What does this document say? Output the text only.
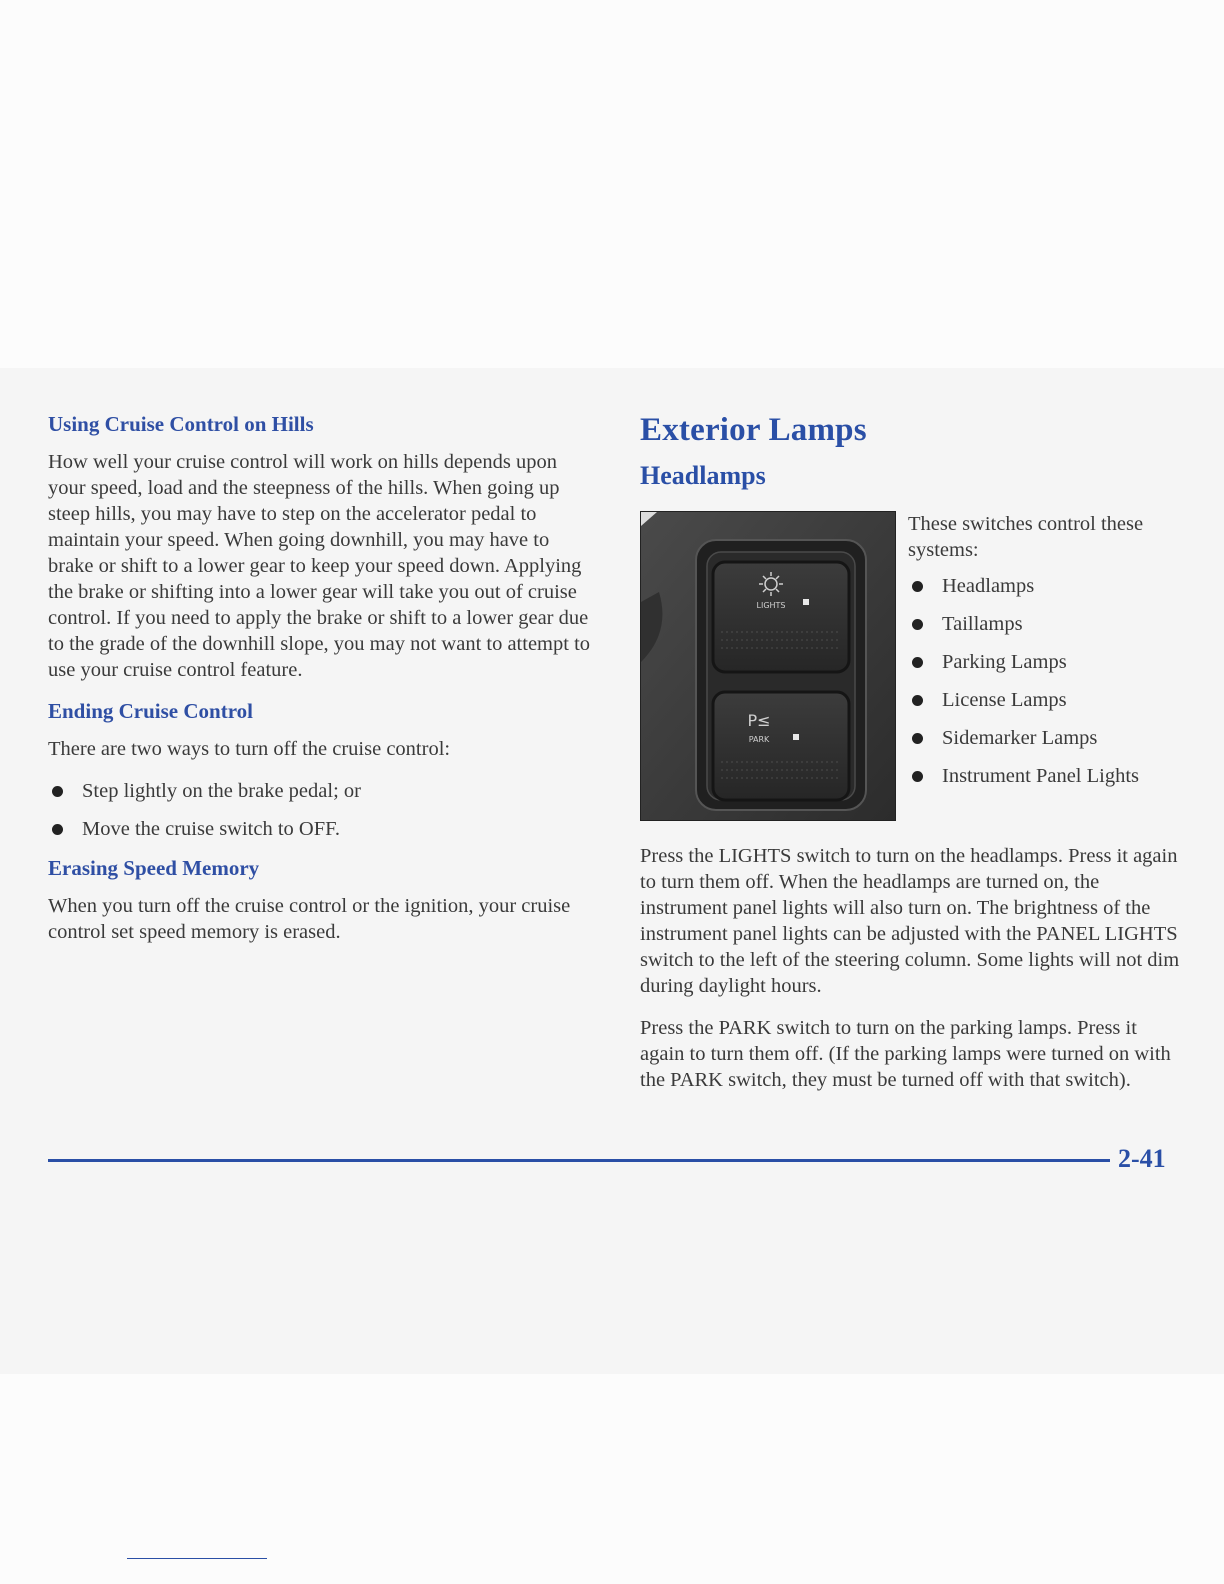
Using Cruise Control on Hills

How well your cruise control will work on hills depends upon your speed, load and the steepness of the hills. When going up steep hills, you may have to step on the accelerator pedal to maintain your speed. When going downhill, you may have to brake or shift to a lower gear to keep your speed down. Applying the brake or shifting into a lower gear will take you out of cruise control. If you need to apply the brake or shift to a lower gear due to the grade of the downhill slope, you may not want to attempt to use your cruise control feature.

Ending Cruise Control

There are two ways to turn off the cruise control:

Step lightly on the brake pedal; or
Move the cruise switch to OFF.
Erasing Speed Memory

When you turn off the cruise control or the ignition, your cruise control set speed memory is erased.

Exterior Lamps
Headlamps
LIGHTS
P≤
PARK

These switches control these systems:

Headlamps
Taillamps
Parking Lamps
License Lamps
Sidemarker Lamps
Instrument Panel Lights

Press the LIGHTS switch to turn on the headlamps. Press it again to turn them off. When the headlamps are turned on, the instrument panel lights will also turn on. The brightness of the instrument panel lights can be adjusted with the PANEL LIGHTS switch to the left of the steering column. Some lights will not dim during daylight hours.

Press the PARK switch to turn on the parking lamps. Press it again to turn them off. (If the parking lamps were turned on with the PARK switch, they must be turned off with that switch).

2-41
